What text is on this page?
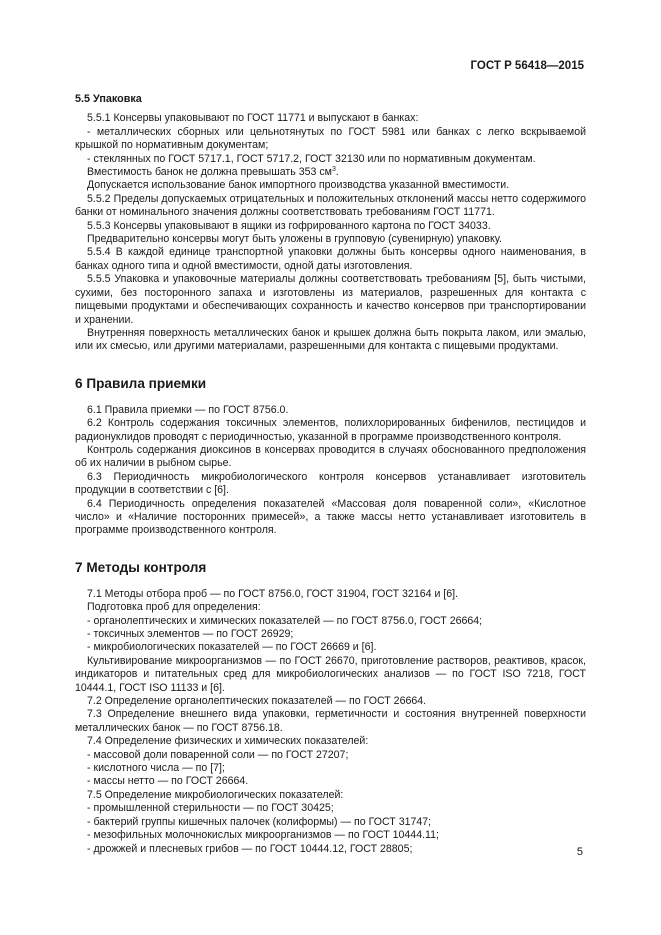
ГОСТ Р 56418—2015
5.5 Упаковка

5.5.1 Консервы упаковывают по ГОСТ 11771 и выпускают в банках:

- металлических сборных или цельнотянутых по ГОСТ 5981 или банках с легко вскрываемой крышкой по нормативным документам;

- стеклянных по ГОСТ 5717.1, ГОСТ 5717.2, ГОСТ 32130 или по нормативным документам.

Вместимость банок не должна превышать 353 $см^3$.

Допускается использование банок импортного производства указанной вместимости.

5.5.2 Пределы допускаемых отрицательных и положительных отклонений массы нетто содержимого банки от номинального значения должны соответствовать требованиям ГОСТ 11771.

5.5.3 Консервы упаковывают в ящики из гофрированного картона по ГОСТ 34033.

Предварительно консервы могут быть уложены в групповую (сувенирную) упаковку.

5.5.4 В каждой единице транспортной упаковки должны быть консервы одного наименования, в банках одного типа и одной вместимости, одной даты изготовления.

5.5.5 Упаковка и упаковочные материалы должны соответствовать требованиям [5], быть чистыми, сухими, без посторонного запаха и изготовлены из материалов, разрешенных для контакта с пищевыми продуктами и обеспечивающих сохранность и качество консервов при транспортировании и хранении.

Внутренняя поверхность металлических банок и крышек должна быть покрыта лаком, или эмалью, или их смесью, или другими материалами, разрешенными для контакта с пищевыми продуктами.

6 Правила приемки

6.1 Правила приемки — по ГОСТ 8756.0.

6.2 Контроль содержания токсичных элементов, полихлорированных бифенилов, пестицидов и радионуклидов проводят с периодичностью, указанной в программе производственного контроля.

Контроль содержания диоксинов в консервах проводится в случаях обоснованного предположения об их наличии в рыбном сырье.

6.3 Периодичность микробиологического контроля консервов устанавливает изготовитель продукции в соответствии с [6].

6.4 Периодичность определения показателей «Массовая доля поваренной соли», «Кислотное число» и «Наличие посторонних примесей», а также массы нетто устанавливает изготовитель в программе производственного контроля.

7 Методы контроля

7.1 Методы отбора проб — по ГОСТ 8756.0, ГОСТ 31904, ГОСТ 32164 и [6].

Подготовка проб для определения:

- органолептических и химических показателей — по ГОСТ 8756.0, ГОСТ 26664;

- токсичных элементов — по ГОСТ 26929;

- микробиологических показателей — по ГОСТ 26669 и [6].

Культивирование микроорганизмов — по ГОСТ 26670, приготовление растворов, реактивов, красок, индикаторов и питательных сред для микробиологических анализов — по ГОСТ ISO 7218, ГОСТ 10444.1, ГОСТ ISO 11133 и [6].

7.2 Определение органолептических показателей — по ГОСТ 26664.

7.3 Определение внешнего вида упаковки, герметичности и состояния внутренней поверхности металлических банок — по ГОСТ 8756.18.

7.4 Определение физических и химических показателей:

- массовой доли поваренной соли — по ГОСТ 27207;

- кислотного числа — по [7];

- массы нетто — по ГОСТ 26664.

7.5 Определение микробиологических показателей:

- промышленной стерильности — по ГОСТ 30425;

- бактерий группы кишечных палочек (колиформы) — по ГОСТ 31747;

- мезофильных молочнокислых микроорганизмов — по ГОСТ 10444.11;

- дрожжей и плесневых грибов — по ГОСТ 10444.12, ГОСТ 28805;	5
